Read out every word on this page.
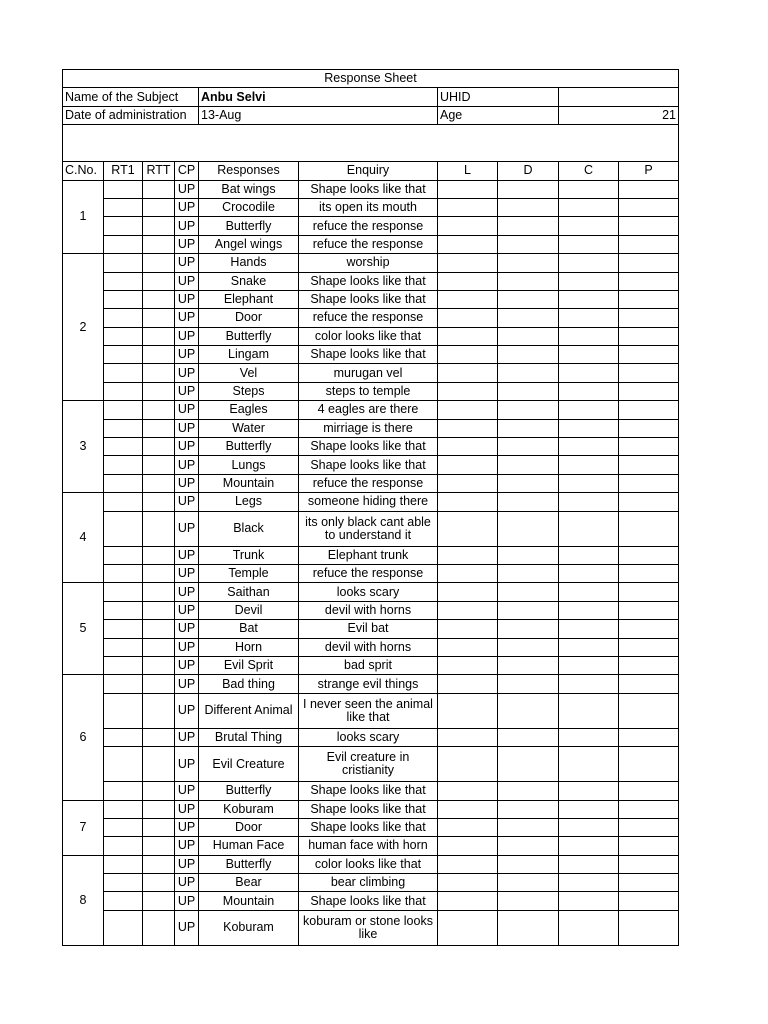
Response Sheet									
Name of the Subject				Anbu Selvi		UHID			
Date of administration				13-Aug		Age		21	

C.No.	RT1	RTT	CP	Responses	Enquiry	L	D	C	P
1			UP	Bat wings	Shape looks like that				
			UP	Crocodile	its open its mouth				
			UP	Butterfly	refuce the response				
			UP	Angel wings	refuce the response				
2			UP	Hands	worship				
			UP	Snake	Shape looks like that				
			UP	Elephant	Shape looks like that				
			UP	Door	refuce the response				
			UP	Butterfly	color looks like that				
			UP	Lingam	Shape looks like that				
			UP	Vel	murugan vel				
			UP	Steps	steps to temple				
3			UP	Eagles	4 eagles are there				
			UP	Water	mirriage is there				
			UP	Butterfly	Shape looks like that				
			UP	Lungs	Shape looks like that				
			UP	Mountain	refuce the response				
4			UP	Legs	someone hiding there				
			UP	Black	its only black cant able to understand it				
			UP	Trunk	Elephant trunk				
			UP	Temple	refuce the response				
5			UP	Saithan	looks scary				
			UP	Devil	devil with horns				
			UP	Bat	Evil bat				
			UP	Horn	devil with horns				
			UP	Evil Sprit	bad sprit				
6			UP	Bad thing	strange evil things				
			UP	Different Animal	I never seen the animal like that				
			UP	Brutal Thing	looks scary				
			UP	Evil Creature	Evil creature in cristianity				
			UP	Butterfly	Shape looks like that				
7			UP	Koburam	Shape looks like that				
			UP	Door	Shape looks like that				
			UP	Human Face	human face with horn				
8			UP	Butterfly	color looks like that				
			UP	Bear	bear climbing				
			UP	Mountain	Shape looks like that				
			UP	Koburam	koburam or stone looks like				
